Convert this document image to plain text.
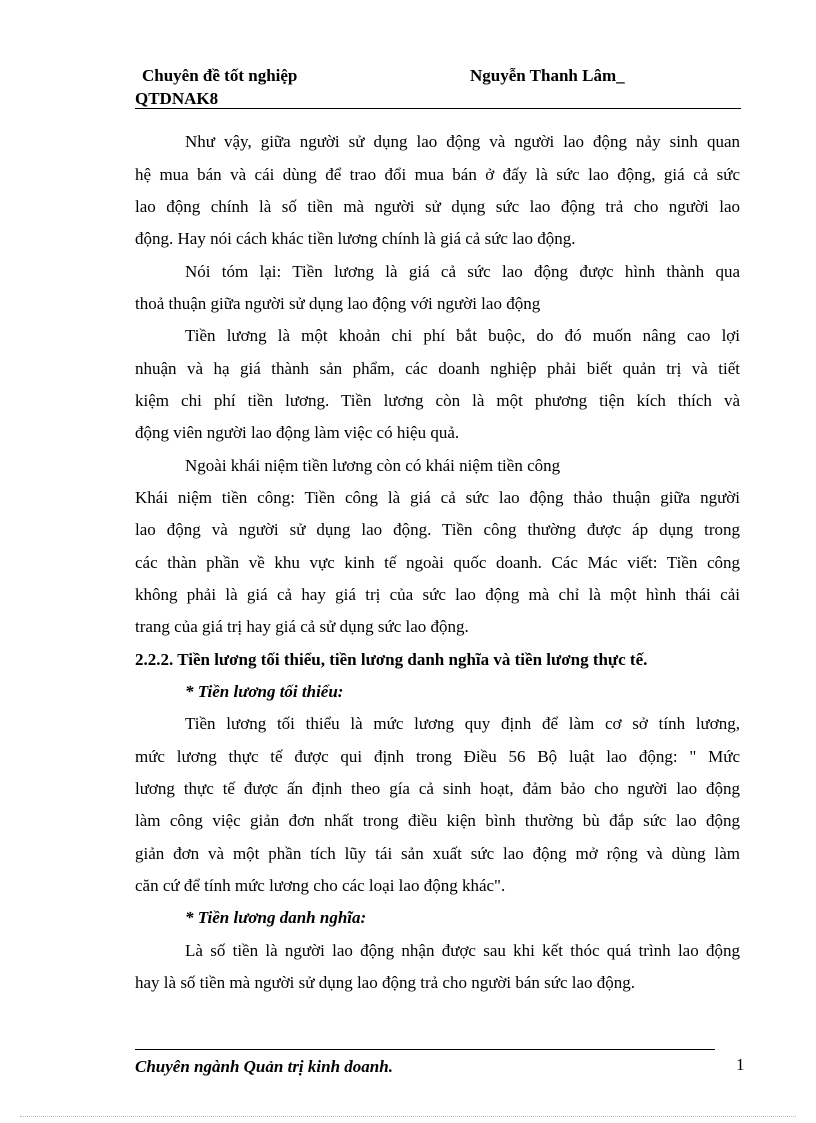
Chuyên đề tốt nghiệp	Nguyễn Thanh Lâm_
QTDNAK8
Như vậy, giữa người sử dụng lao động và người lao động nảy sinh quan
hệ mua bán và cái dùng để trao đổi mua bán ở đấy là sức lao động, giá cả sức
lao động chính là số tiền mà người sử dụng sức lao động trả cho người lao
động. Hay nói cách khác tiền lương chính là giá cả sức lao động.
Nói tóm lại: Tiền lương là giá cả sức lao động được hình thành qua
thoả thuận giữa người sử dụng lao động với người lao động
Tiền lương là một khoản chi phí bắt buộc, do đó muốn nâng cao lợi
nhuận và hạ giá thành sản phẩm, các doanh nghiệp phải biết quản trị và tiết
kiệm chi phí tiền lương. Tiền lương còn là một phương tiện kích thích và
động viên người lao động làm việc có hiệu quả.
Ngoài khái niệm tiền lương còn có khái niệm tiền công
Khái niệm tiền công: Tiền công là giá cả sức lao động thảo thuận giữa người
lao động và người sử dụng lao động. Tiền công thường được áp dụng trong
các thàn phần về khu vực kinh tế ngoài quốc doanh. Các Mác viết: Tiền công
không phải là giá cả hay giá trị của sức lao động mà chỉ là một hình thái cải
trang của giá trị hay giá cả sử dụng sức lao động.
2.2.2. Tiền lương tối thiểu, tiền lương danh nghĩa và tiền lương thực tế.
* Tiền lương tối thiểu:
Tiền lương tối thiểu là mức lương quy định để làm cơ sở tính lương,
mức lương thực tế được qui định trong Điều 56 Bộ luật lao động: " Mức
lương thực tế được ấn định theo gía cả sinh hoạt, đảm bảo cho người lao động
làm công việc giản đơn nhất trong điều kiện bình thường bù đắp sức lao động
giản đơn và một phần tích lũy tái sản xuất sức lao động mở rộng và dùng làm
căn cứ để tính mức lương cho các loại lao động khác".
* Tiền lương danh nghĩa:
Là số tiền là người lao động nhận được sau khi kết thóc quá trình lao động
hay là số tiền mà người sử dụng lao động trả cho người bán sức lao động.
Chuyên ngành Quản trị kinh doanh.	1
